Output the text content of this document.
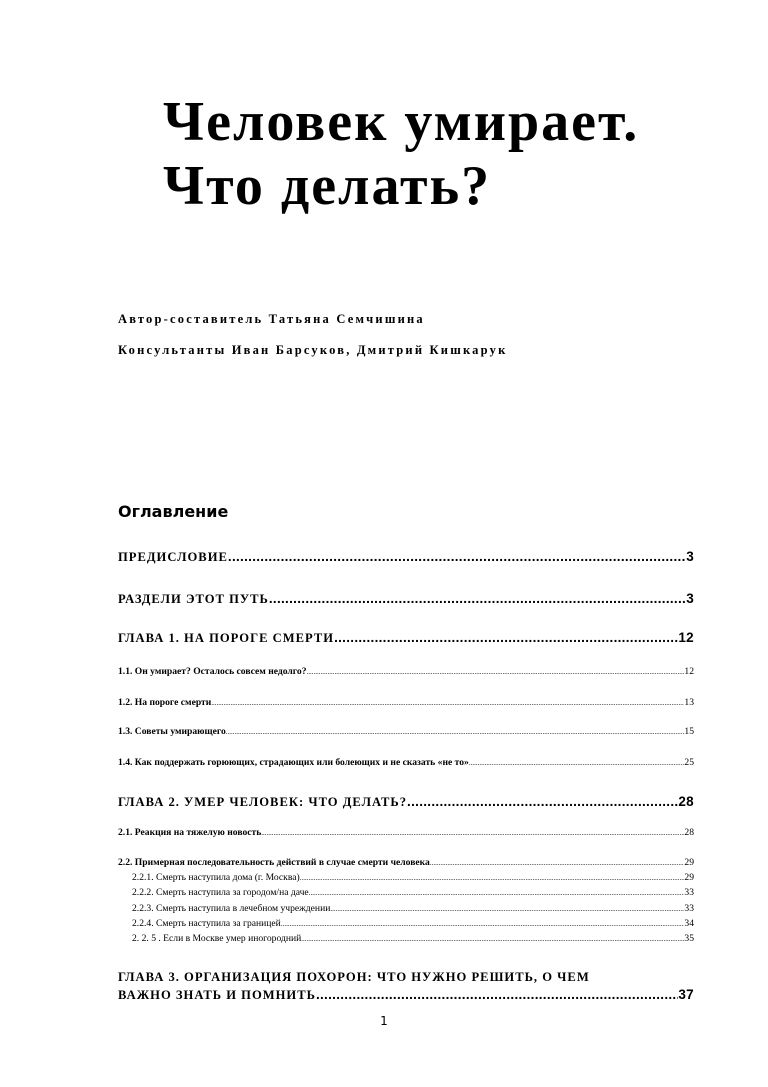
Человек умирает.
Что делать?
Автор-составитель Татьяна Семчишина
Консультанты Иван Барсуков, Дмитрий Кишкарук
Оглавление
ПРЕДИСЛОВИЕ .....	3
РАЗДЕЛИ ЭТОТ ПУТЬ .....	3
ГЛАВА 1. НА ПОРОГЕ СМЕРТИ .....	12
1.1. Он умирает? Осталось совсем недолго? .....	12
1.2. На пороге смерти .....	13
1.3. Советы умирающего .....	15
1.4. Как поддержать горюющих, страдающих или болеющих и не сказать «не то» .....	25
ГЛАВА 2. УМЕР ЧЕЛОВЕК: ЧТО ДЕЛАТЬ? .....	28
2.1. Реакция на тяжелую новость .....	28
2.2. Примерная последовательность действий в случае смерти человека .....	29
2.2.1. Смерть наступила дома (г. Москва) .....	29
2.2.2. Смерть наступила за городом/на даче .....	33
2.2.3. Смерть наступила в лечебном учреждении .....	33
2.2.4. Смерть наступила за границей .....	34
2. 2. 5 . Если в Москве умер иногородний .....	35
ГЛАВА 3. ОРГАНИЗАЦИЯ ПОХОРОН: ЧТО НУЖНО РЕШИТЬ, О ЧЕМ
ВАЖНО ЗНАТЬ И ПОМНИТЬ .....	37
1
